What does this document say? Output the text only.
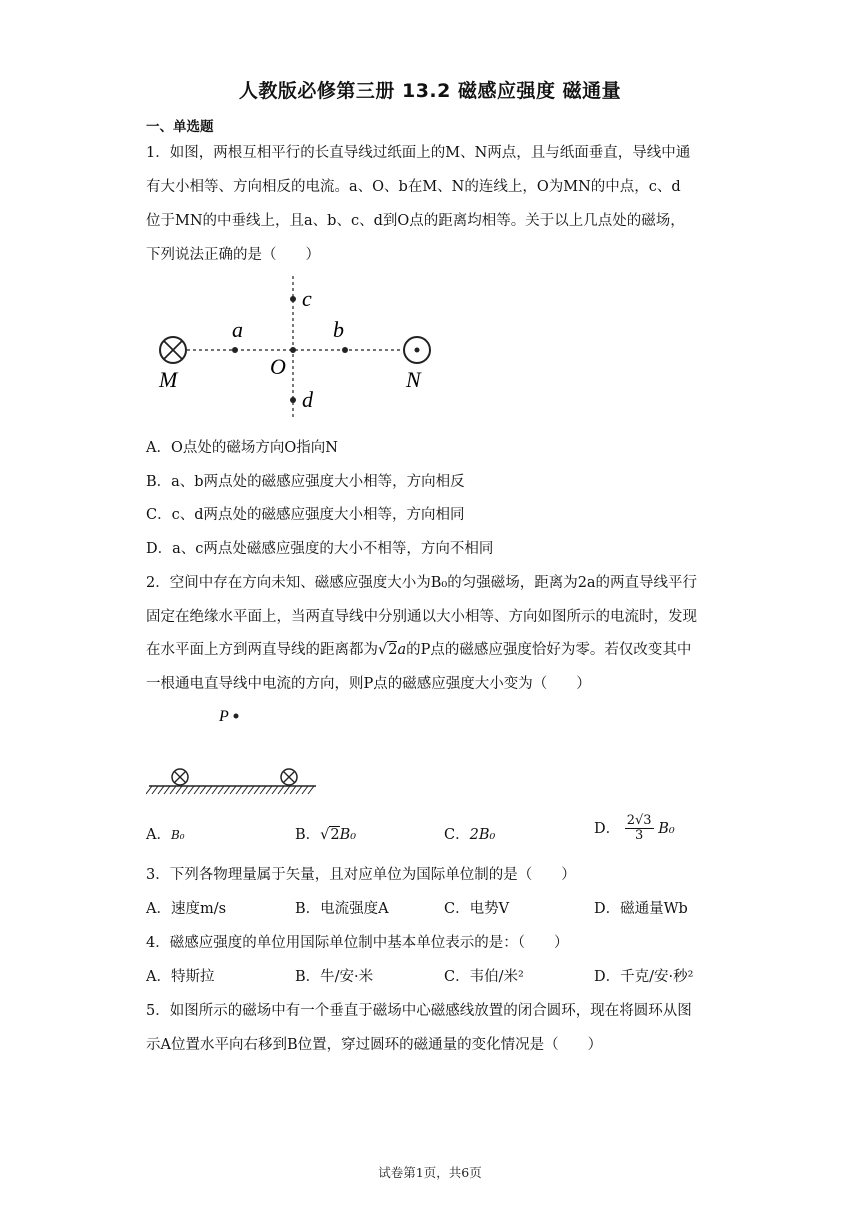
人教版必修第三册 13.2 磁感应强度 磁通量
一、单选题
1．如图，两根互相平行的长直导线过纸面上的M、N两点，且与纸面垂直，导线中通
有大小相等、方向相反的电流。a、O、b在M、N的连线上，O为MN的中点，c、d
位于MN的中垂线上，且a、b、c、d到O点的距离均相等。关于以上几点处的磁场，
下列说法正确的是（　　）
a	b
c
d
O
M	N
A．O点处的磁场方向O指向N
B．a、b两点处的磁感应强度大小相等，方向相反
C．c、d两点处的磁感应强度大小相等，方向相同
D．a、c两点处磁感应强度的大小不相等，方向不相同
2．空间中存在方向未知、磁感应强度大小为B₀的匀强磁场，距离为2a的两直导线平行
固定在绝缘水平面上，当两直导线中分别通以大小相等、方向如图所示的电流时，发现
在水平面上方到两直导线的距离都为√2a的P点的磁感应强度恰好为零。若仅改变其中
一根通电直导线中电流的方向，则P点的磁感应强度大小变为（　　）
P
A．B₀	B．√2B₀	C．2B₀	D． $\frac{2√3}{3} B_0$
3．下列各物理量属于矢量，且对应单位为国际单位制的是（　　）
A．速度m/s	B．电流强度A	C．电势V	D．磁通量Wb
4．磁感应强度的单位用国际单位制中基本单位表示的是：（　　）
A．特斯拉	B．牛/安·米	C．韦伯/米²	D．千克/安·秒²
5．如图所示的磁场中有一个垂直于磁场中心磁感线放置的闭合圆环，现在将圆环从图
示A位置水平向右移到B位置，穿过圆环的磁通量的变化情况是（　　）
试卷第1页，共6页
